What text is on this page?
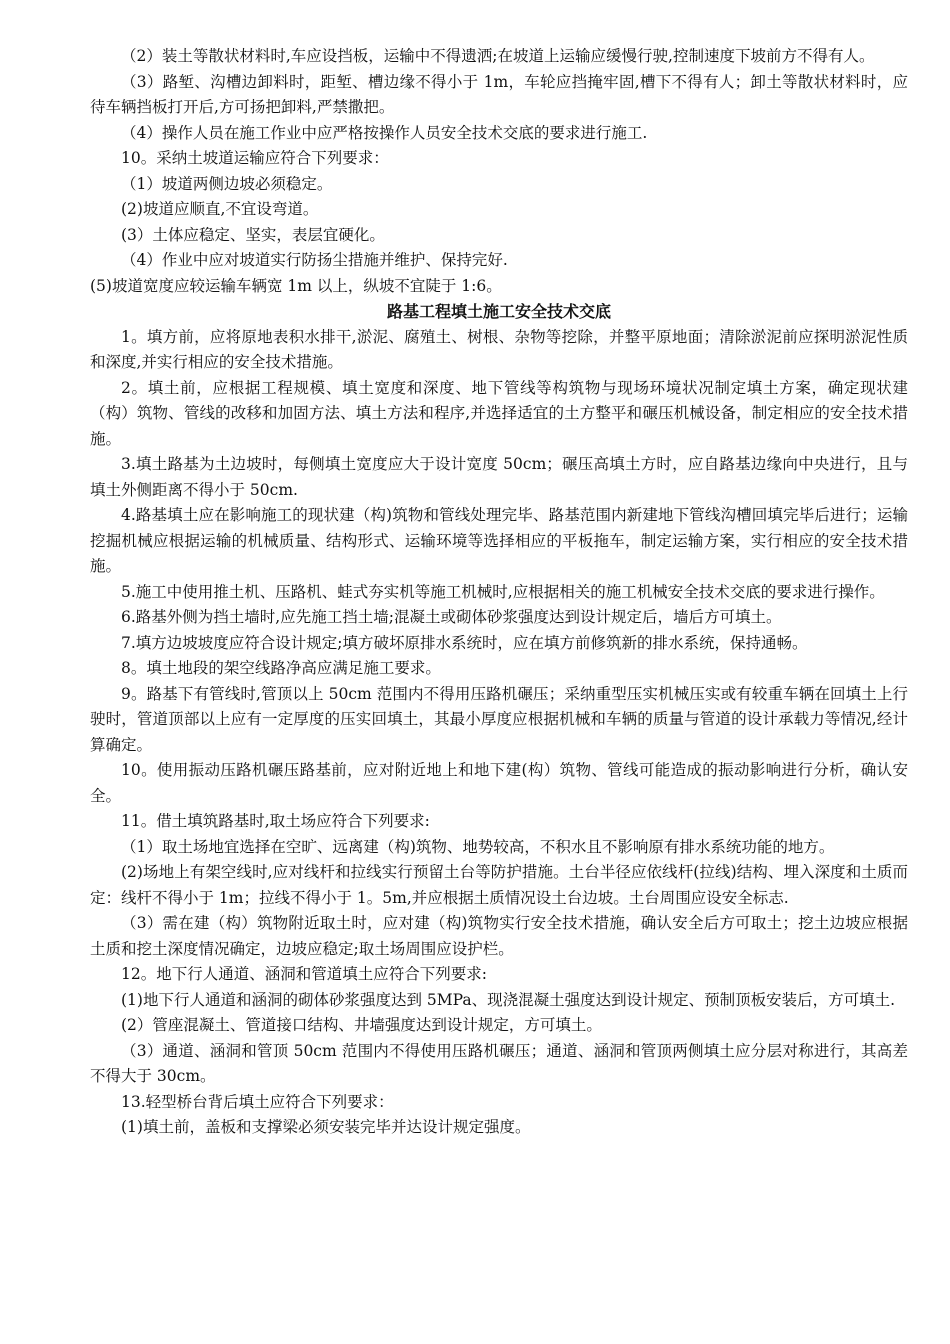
（2）装土等散状材料时,车应设挡板，运输中不得遗洒;在坡道上运输应缓慢行驶,控制速度下坡前方不得有人。

（3）路堑、沟槽边卸料时，距堑、槽边缘不得小于 1m，车轮应挡掩牢固,槽下不得有人；卸土等散状材料时，应待车辆挡板打开后,方可扬把卸料,严禁撒把。

（4）操作人员在施工作业中应严格按操作人员安全技术交底的要求进行施工.

10。采纳土坡道运输应符合下列要求：

（1）坡道两侧边坡必须稳定。

(2)坡道应顺直,不宜设弯道。

(3）土体应稳定、坚实，表层宜硬化。

（4）作业中应对坡道实行防扬尘措施并维护、保持完好.

(5)坡道宽度应较运输车辆宽 1m 以上，纵坡不宜陡于 1:6。

路基工程填土施工安全技术交底

1。填方前，应将原地表积水排干,淤泥、腐殖土、树根、杂物等挖除，并整平原地面；清除淤泥前应探明淤泥性质和深度,并实行相应的安全技术措施。

2。填土前，应根据工程规模、填土宽度和深度、地下管线等构筑物与现场环境状况制定填土方案，确定现状建（构）筑物、管线的改移和加固方法、填土方法和程序,并选择适宜的土方整平和碾压机械设备，制定相应的安全技术措施。

3.填土路基为土边坡时，每侧填土宽度应大于设计宽度 50cm；碾压高填土方时，应自路基边缘向中央进行，且与填土外侧距离不得小于 50cm.

4.路基填土应在影响施工的现状建（构)筑物和管线处理完毕、路基范围内新建地下管线沟槽回填完毕后进行；运输挖掘机械应根据运输的机械质量、结构形式、运输环境等选择相应的平板拖车，制定运输方案，实行相应的安全技术措施。

5.施工中使用推土机、压路机、蛙式夯实机等施工机械时,应根据相关的施工机械安全技术交底的要求进行操作。

6.路基外侧为挡土墙时,应先施工挡土墙;混凝土或砌体砂浆强度达到设计规定后，墙后方可填土。

7.填方边坡坡度应符合设计规定;填方破坏原排水系统时，应在填方前修筑新的排水系统，保持通畅。

8。填土地段的架空线路净高应满足施工要求。

9。路基下有管线时,管顶以上 50cm 范围内不得用压路机碾压；采纳重型压实机械压实或有较重车辆在回填土上行驶时，管道顶部以上应有一定厚度的压实回填土，其最小厚度应根据机械和车辆的质量与管道的设计承载力等情况,经计算确定。

10。使用振动压路机碾压路基前，应对附近地上和地下建(构）筑物、管线可能造成的振动影响进行分析，确认安全。

11。借土填筑路基时,取土场应符合下列要求:

（1）取土场地宜选择在空旷、远离建（构)筑物、地势较高，不积水且不影响原有排水系统功能的地方。

(2)场地上有架空线时,应对线杆和拉线实行预留土台等防护措施。土台半径应依线杆(拉线)结构、埋入深度和土质而定：线杆不得小于 1m；拉线不得小于 1。5m,并应根据土质情况设土台边坡。土台周围应设安全标志.

（3）需在建（构）筑物附近取土时，应对建（构)筑物实行安全技术措施，确认安全后方可取土；挖土边坡应根据土质和挖土深度情况确定，边坡应稳定;取土场周围应设护栏。

12。地下行人通道、涵洞和管道填土应符合下列要求:

(1)地下行人通道和涵洞的砌体砂浆强度达到 5MPa、现浇混凝土强度达到设计规定、预制顶板安装后，方可填土.

(2）管座混凝土、管道接口结构、井墙强度达到设计规定，方可填土。

（3）通道、涵洞和管顶 50cm 范围内不得使用压路机碾压；通道、涵洞和管顶两侧填土应分层对称进行，其高差不得大于 30cm。

13.轻型桥台背后填土应符合下列要求：

(1)填土前，盖板和支撑梁必须安装完毕并达设计规定强度。
